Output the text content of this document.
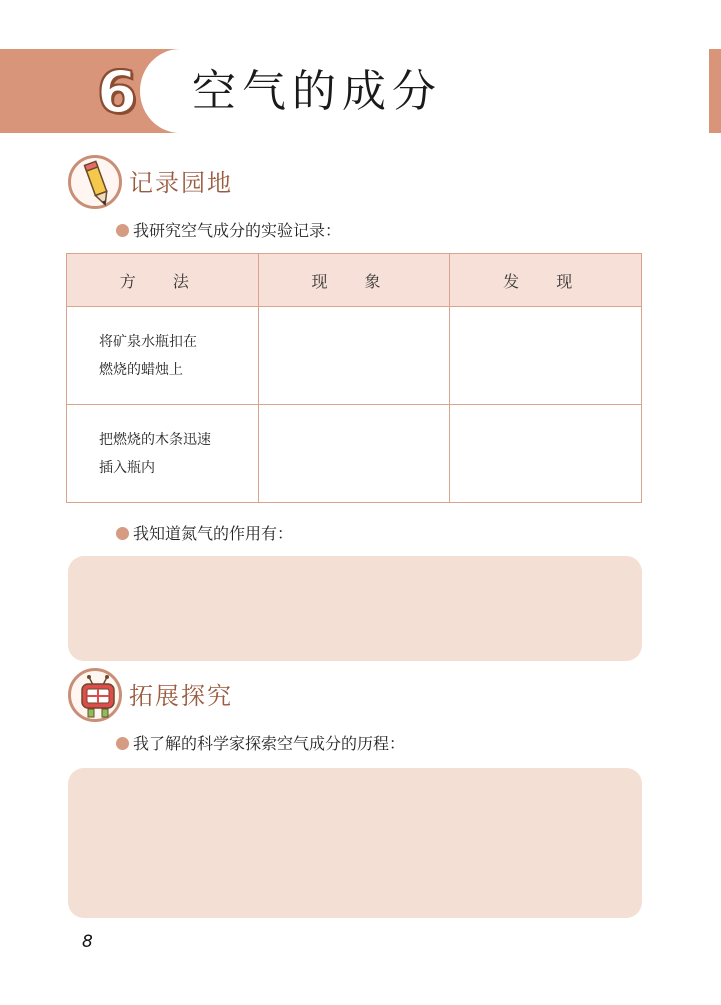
6 空气的成分
记录园地
我研究空气成分的实验记录：
方 法	现 象	发 现

将矿泉水瓶扣在
燃烧的蜡烛上		

把燃烧的木条迅速
插入瓶内		

我知道氮气的作用有：
拓展探究
我了解的科学家探索空气成分的历程：
8
